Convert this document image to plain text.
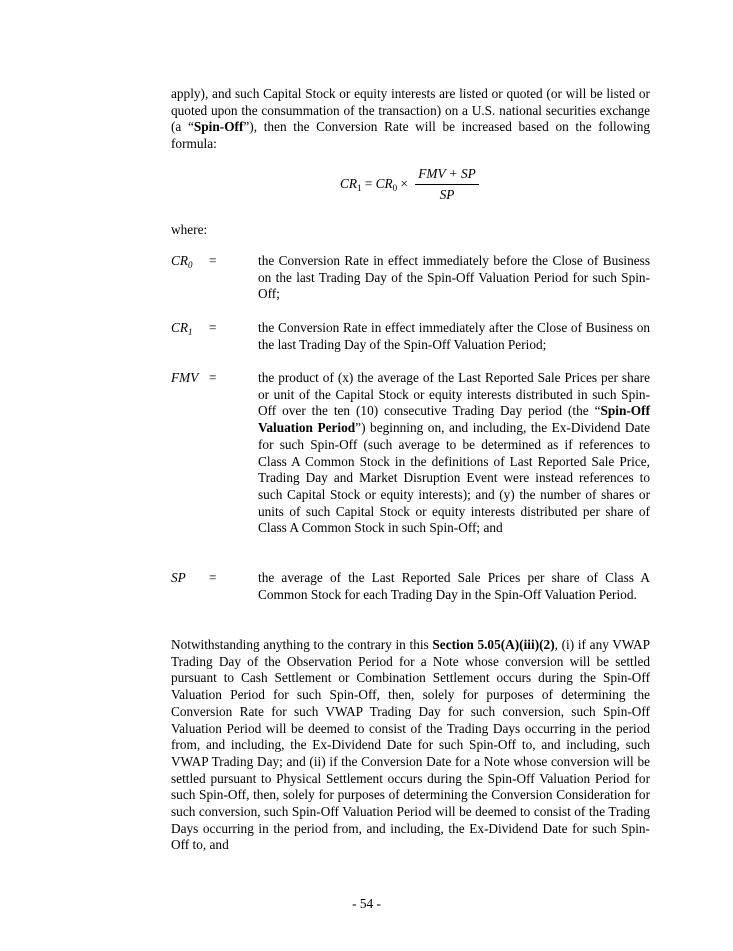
apply), and such Capital Stock or equity interests are listed or quoted (or will be listed or quoted upon the consummation of the transaction) on a U.S. national securities exchange (a “Spin-Off”), then the Conversion Rate will be increased based on the following formula:

$CR_1 = CR_0$ ×
FMV + SP
SP
where:
$CR_0$ =	the Conversion Rate in effect immediately before the Close of Business on the last Trading Day of the Spin-Off Valuation Period for such Spin-Off;
$CR_1$ =	the Conversion Rate in effect immediately after the Close of Business on the last Trading Day of the Spin-Off Valuation Period;
FMV =	the product of (x) the average of the Last Reported Sale Prices per share or unit of the Capital Stock or equity interests distributed in such Spin-Off over the ten (10) consecutive Trading Day period (the “Spin-Off Valuation Period”) beginning on, and including, the Ex-Dividend Date for such Spin-Off (such average to be determined as if references to Class A Common Stock in the definitions of Last Reported Sale Price, Trading Day and Market Disruption Event were instead references to such Capital Stock or equity interests); and (y) the number of shares or units of such Capital Stock or equity interests distributed per share of Class A Common Stock in such Spin-Off; and
SP =	the average of the Last Reported Sale Prices per share of Class A Common Stock for each Trading Day in the Spin-Off Valuation Period.

Notwithstanding anything to the contrary in this Section 5.05(A)(iii)(2), (i) if any VWAP Trading Day of the Observation Period for a Note whose conversion will be settled pursuant to Cash Settlement or Combination Settlement occurs during the Spin-Off Valuation Period for such Spin-Off, then, solely for purposes of determining the Conversion Rate for such VWAP Trading Day for such conversion, such Spin-Off Valuation Period will be deemed to consist of the Trading Days occurring in the period from, and including, the Ex-Dividend Date for such Spin-Off to, and including, such VWAP Trading Day; and (ii) if the Conversion Date for a Note whose conversion will be settled pursuant to Physical Settlement occurs during the Spin-Off Valuation Period for such Spin-Off, then, solely for purposes of determining the Conversion Consideration for such conversion, such Spin-Off Valuation Period will be deemed to consist of the Trading Days occurring in the period from, and including, the Ex-Dividend Date for such Spin-Off to, and

- 54 -
